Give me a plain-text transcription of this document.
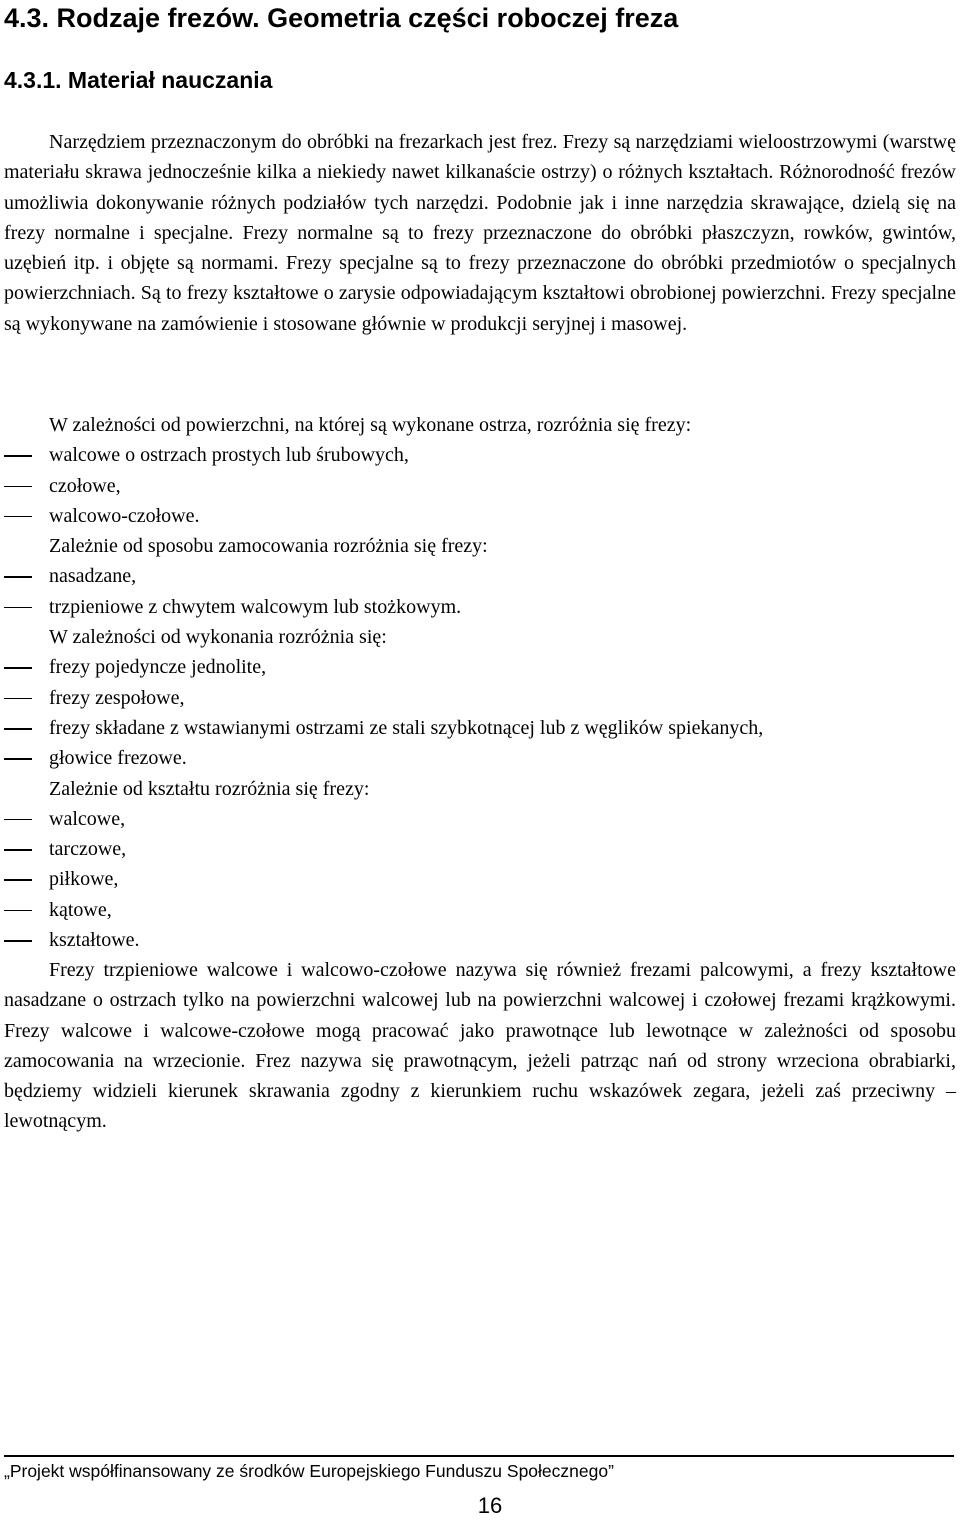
4.3. Rodzaje frezów. Geometria części roboczej freza
4.3.1. Materiał nauczania

Narzędziem przeznaczonym do obróbki na frezarkach jest frez. Frezy są narzędziami wieloostrzowymi (warstwę materiału skrawa jednocześnie kilka a niekiedy nawet kilkanaście ostrzy) o różnych kształtach. Różnorodność frezów umożliwia dokonywanie różnych podziałów tych narzędzi. Podobnie jak i inne narzędzia skrawające, dzielą się na frezy normalne i specjalne. Frezy normalne są to frezy przeznaczone do obróbki płaszczyzn, rowków, gwintów, uzębień itp. i objęte są normami. Frezy specjalne są to frezy przeznaczone do obróbki przedmiotów o specjalnych powierzchniach. Są to frezy kształtowe o zarysie odpowiadającym kształtowi obrobionej powierzchni. Frezy specjalne są wykonywane na zamówienie i stosowane głównie w produkcji seryjnej i masowej.

W zależności od powierzchni, na której są wykonane ostrza, rozróżnia się frezy:

walcowe o ostrzach prostych lub śrubowych,
czołowe,
walcowo-czołowe.

Zależnie od sposobu zamocowania rozróżnia się frezy:

nasadzane,
trzpieniowe z chwytem walcowym lub stożkowym.

W zależności od wykonania rozróżnia się:

frezy pojedyncze jednolite,
frezy zespołowe,
frezy składane z wstawianymi ostrzami ze stali szybkotnącej lub z węglików spiekanych,
głowice frezowe.

Zależnie od kształtu rozróżnia się frezy:

walcowe,
tarczowe,
piłkowe,
kątowe,
kształtowe.

Frezy trzpieniowe walcowe i walcowo-czołowe nazywa się również frezami palcowymi, a frezy kształtowe nasadzane o ostrzach tylko na powierzchni walcowej lub na powierzchni walcowej i czołowej frezami krążkowymi. Frezy walcowe i walcowe-czołowe mogą pracować jako prawotnące lub lewotnące w zależności od sposobu zamocowania na wrzecionie. Frez nazywa się prawotnącym, jeżeli patrząc nań od strony wrzeciona obrabiarki, będziemy widzieli kierunek skrawania zgodny z kierunkiem ruchu wskazówek zegara, jeżeli zaś przeciwny – lewotnącym.

„Projekt współfinansowany ze środków Europejskiego Funduszu Społecznego”
16
